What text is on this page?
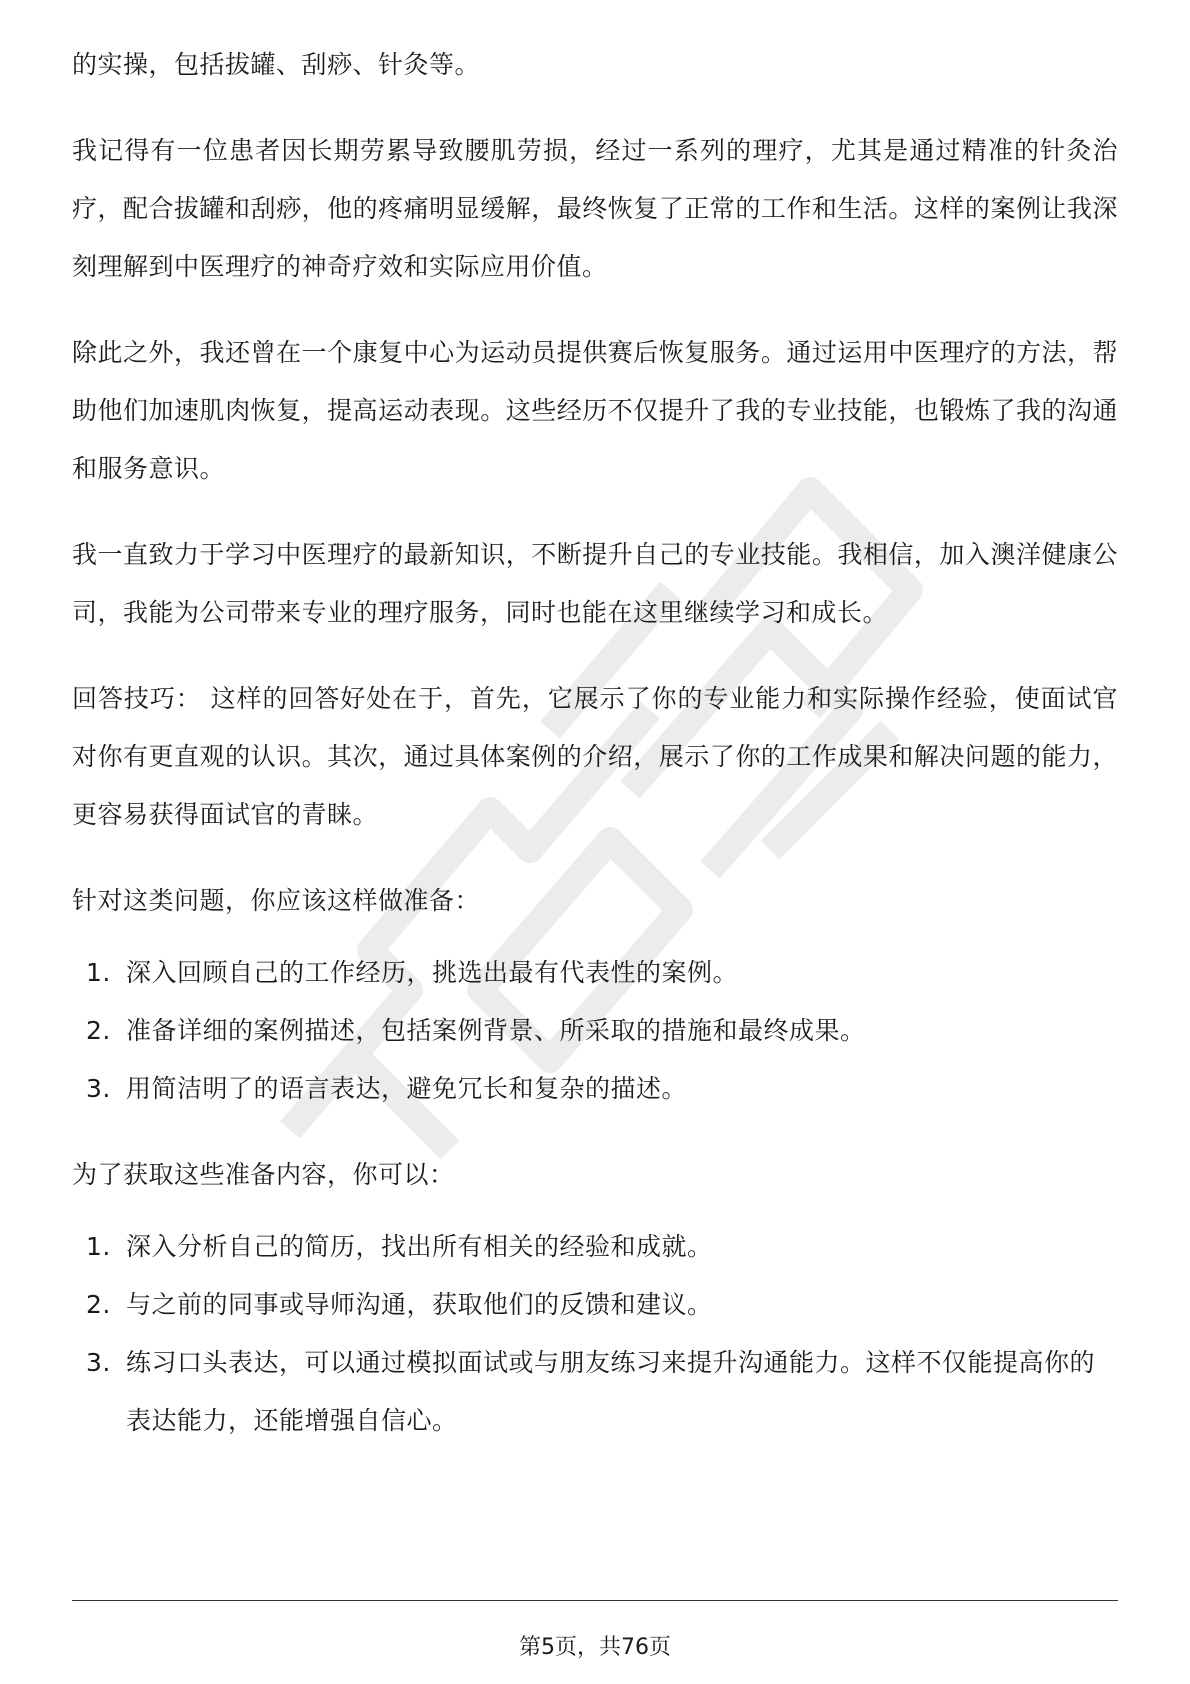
的实操，包括拔罐、刮痧、针灸等。

我记得有一位患者因长期劳累导致腰肌劳损，经过一系列的理疗，尤其是通过精准的针灸治疗，配合拔罐和刮痧，他的疼痛明显缓解，最终恢复了正常的工作和生活。这样的案例让我深刻理解到中医理疗的神奇疗效和实际应用价值。

除此之外，我还曾在一个康复中心为运动员提供赛后恢复服务。通过运用中医理疗的方法，帮助他们加速肌肉恢复，提高运动表现。这些经历不仅提升了我的专业技能，也锻炼了我的沟通和服务意识。

我一直致力于学习中医理疗的最新知识，不断提升自己的专业技能。我相信，加入澳洋健康公司，我能为公司带来专业的理疗服务，同时也能在这里继续学习和成长。

回答技巧： 这样的回答好处在于，首先，它展示了你的专业能力和实际操作经验，使面试官对你有更直观的认识。其次，通过具体案例的介绍，展示了你的工作成果和解决问题的能力，更容易获得面试官的青睐。

针对这类问题，你应该这样做准备：

1. 深入回顾自己的工作经历，挑选出最有代表性的案例。
2. 准备详细的案例描述，包括案例背景、所采取的措施和最终成果。
3. 用简洁明了的语言表达，避免冗长和复杂的描述。

为了获取这些准备内容，你可以：

1. 深入分析自己的简历，找出所有相关的经验和成就。
2. 与之前的同事或导师沟通，获取他们的反馈和建议。
3. 练习口头表达，可以通过模拟面试或与朋友练习来提升沟通能力。这样不仅能提高你的表达能力，还能增强自信心。
第5页，共76页
